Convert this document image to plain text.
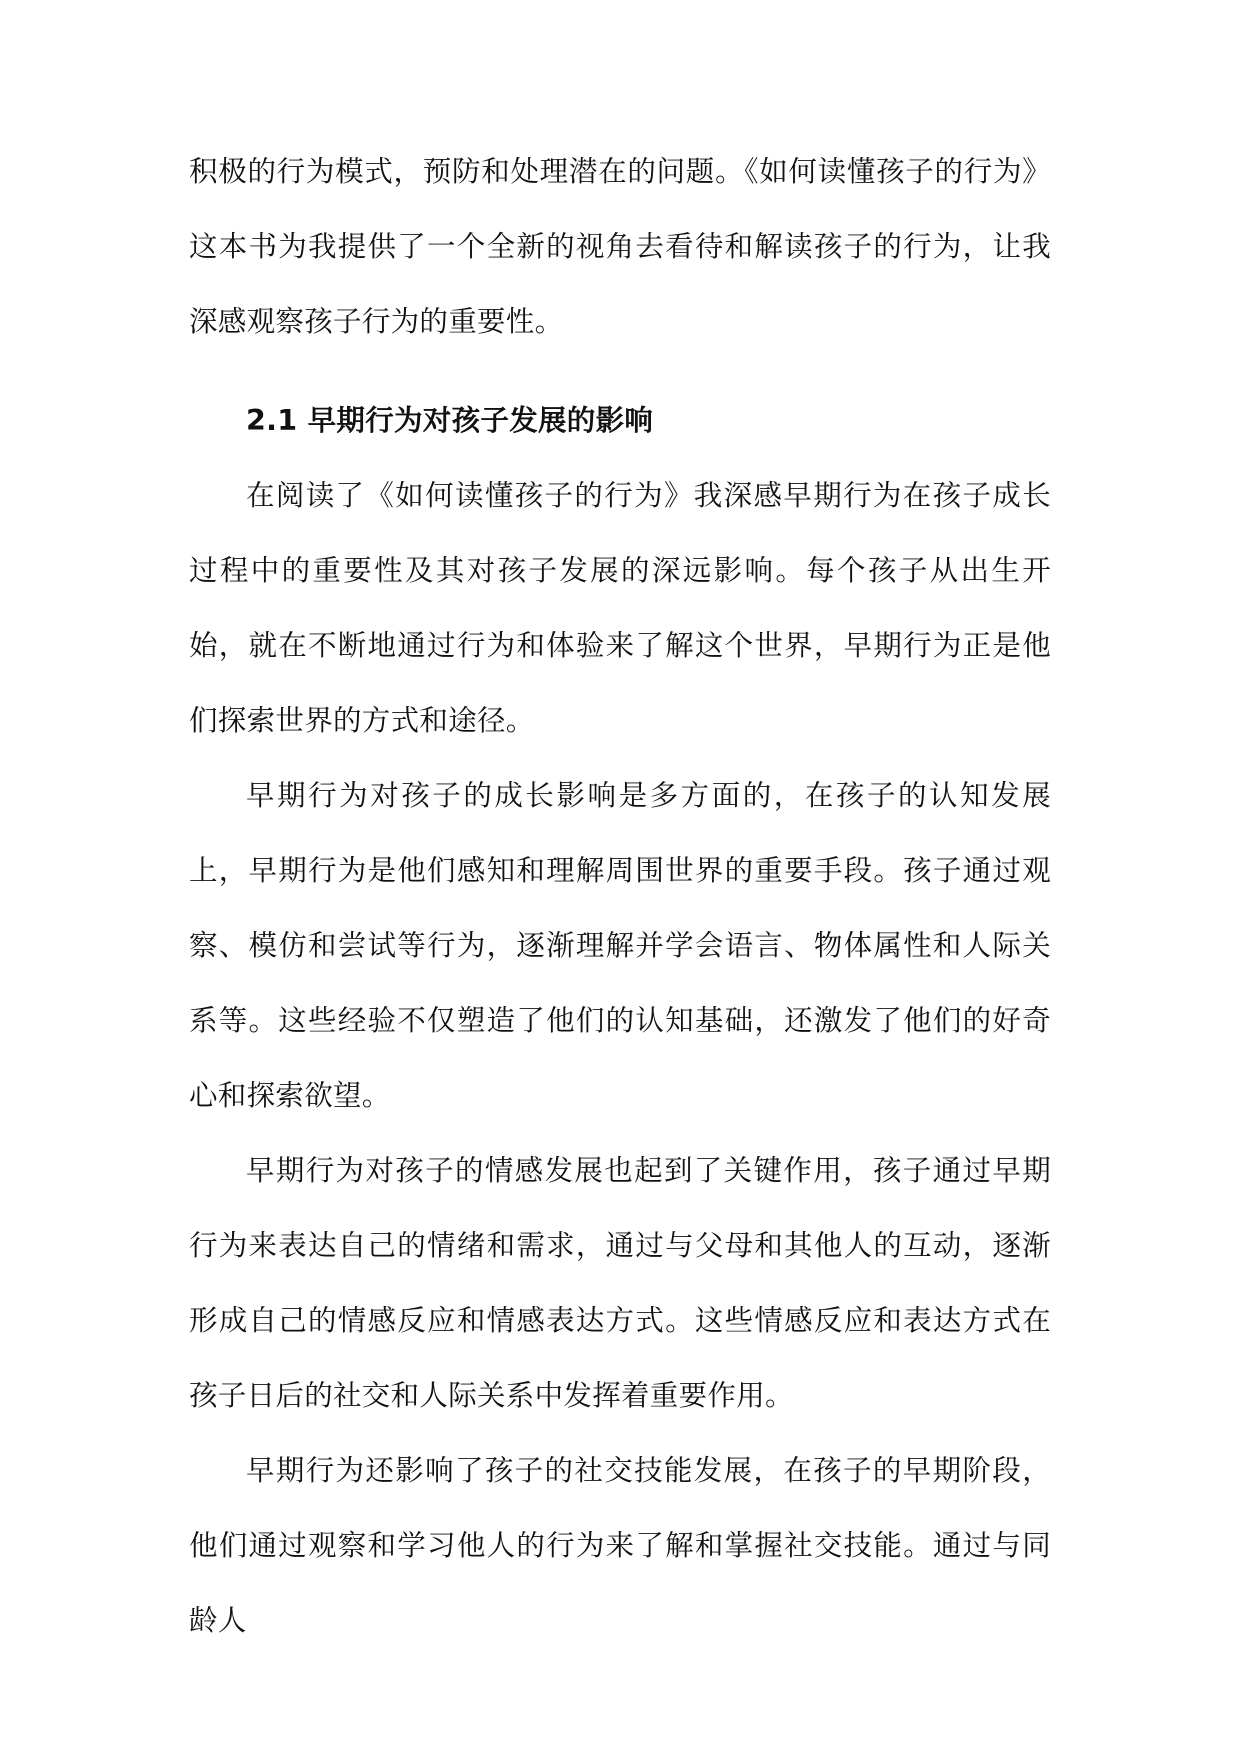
积极的行为模式，预防和处理潜在的问题。《如何读懂孩子的行为》这本书为我提供了一个全新的视角去看待和解读孩子的行为，让我深感观察孩子行为的重要性。

2.1 早期行为对孩子发展的影响

在阅读了《如何读懂孩子的行为》我深感早期行为在孩子成长过程中的重要性及其对孩子发展的深远影响。每个孩子从出生开始，就在不断地通过行为和体验来了解这个世界，早期行为正是他们探索世界的方式和途径。

早期行为对孩子的成长影响是多方面的，在孩子的认知发展上，早期行为是他们感知和理解周围世界的重要手段。孩子通过观察、模仿和尝试等行为，逐渐理解并学会语言、物体属性和人际关系等。这些经验不仅塑造了他们的认知基础，还激发了他们的好奇心和探索欲望。

早期行为对孩子的情感发展也起到了关键作用，孩子通过早期行为来表达自己的情绪和需求，通过与父母和其他人的互动，逐渐形成自己的情感反应和情感表达方式。这些情感反应和表达方式在孩子日后的社交和人际关系中发挥着重要作用。

早期行为还影响了孩子的社交技能发展，在孩子的早期阶段，他们通过观察和学习他人的行为来了解和掌握社交技能。通过与同龄人
